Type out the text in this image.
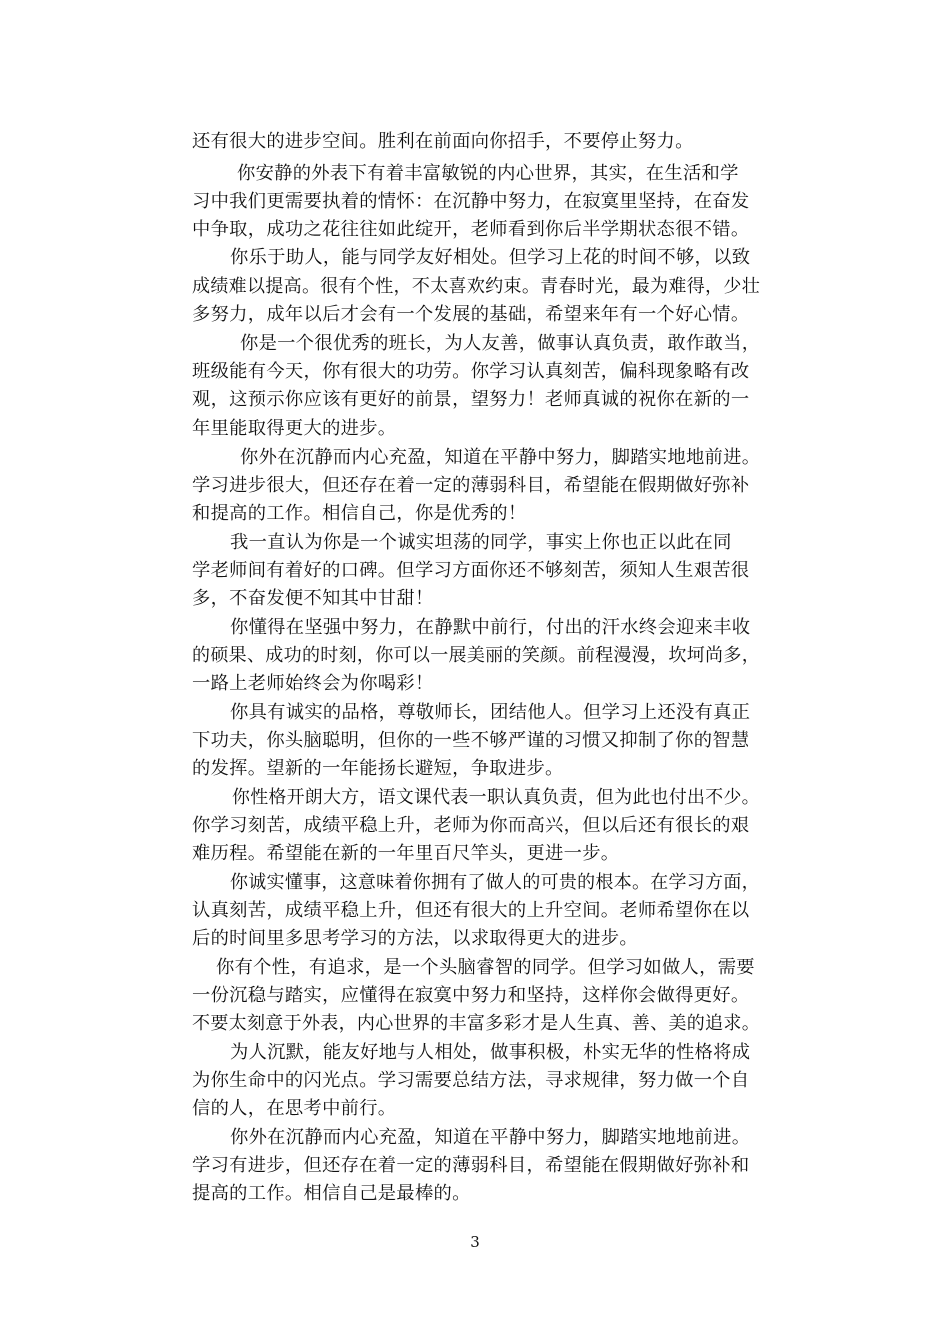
还有很大的进步空间。胜利在前面向你招手，不要停止努力。

你安静的外表下有着丰富敏锐的内心世界，其实，在生活和学

习中我们更需要执着的情怀：在沉静中努力，在寂寞里坚持，在奋发

中争取，成功之花往往如此绽开，老师看到你后半学期状态很不错。

你乐于助人，能与同学友好相处。但学习上花的时间不够，以致

成绩难以提高。很有个性，不太喜欢约束。青春时光，最为难得，少壮

多努力，成年以后才会有一个发展的基础，希望来年有一个好心情。

你是一个很优秀的班长，为人友善，做事认真负责，敢作敢当，

班级能有今天，你有很大的功劳。你学习认真刻苦，偏科现象略有改

观，这预示你应该有更好的前景，望努力！老师真诚的祝你在新的一

年里能取得更大的进步。

你外在沉静而内心充盈，知道在平静中努力，脚踏实地地前进。

学习进步很大，但还存在着一定的薄弱科目，希望能在假期做好弥补

和提高的工作。相信自己，你是优秀的！

我一直认为你是一个诚实坦荡的同学，事实上你也正以此在同

学老师间有着好的口碑。但学习方面你还不够刻苦，须知人生艰苦很

多，不奋发便不知其中甘甜！

你懂得在坚强中努力，在静默中前行，付出的汗水终会迎来丰收

的硕果、成功的时刻，你可以一展美丽的笑颜。前程漫漫，坎坷尚多，

一路上老师始终会为你喝彩！

你具有诚实的品格，尊敬师长，团结他人。但学习上还没有真正

下功夫，你头脑聪明，但你的一些不够严谨的习惯又抑制了你的智慧

的发挥。望新的一年能扬长避短，争取进步。

你性格开朗大方，语文课代表一职认真负责，但为此也付出不少。

你学习刻苦，成绩平稳上升，老师为你而高兴，但以后还有很长的艰

难历程。希望能在新的一年里百尺竿头，更进一步。

你诚实懂事，这意味着你拥有了做人的可贵的根本。在学习方面，

认真刻苦，成绩平稳上升，但还有很大的上升空间。老师希望你在以

后的时间里多思考学习的方法，以求取得更大的进步。

你有个性，有追求，是一个头脑睿智的同学。但学习如做人，需要

一份沉稳与踏实，应懂得在寂寞中努力和坚持，这样你会做得更好。

不要太刻意于外表，内心世界的丰富多彩才是人生真、善、美的追求。

为人沉默，能友好地与人相处，做事积极，朴实无华的性格将成

为你生命中的闪光点。学习需要总结方法，寻求规律，努力做一个自

信的人，在思考中前行。

你外在沉静而内心充盈，知道在平静中努力，脚踏实地地前进。

学习有进步，但还存在着一定的薄弱科目，希望能在假期做好弥补和

提高的工作。相信自己是最棒的。

3
